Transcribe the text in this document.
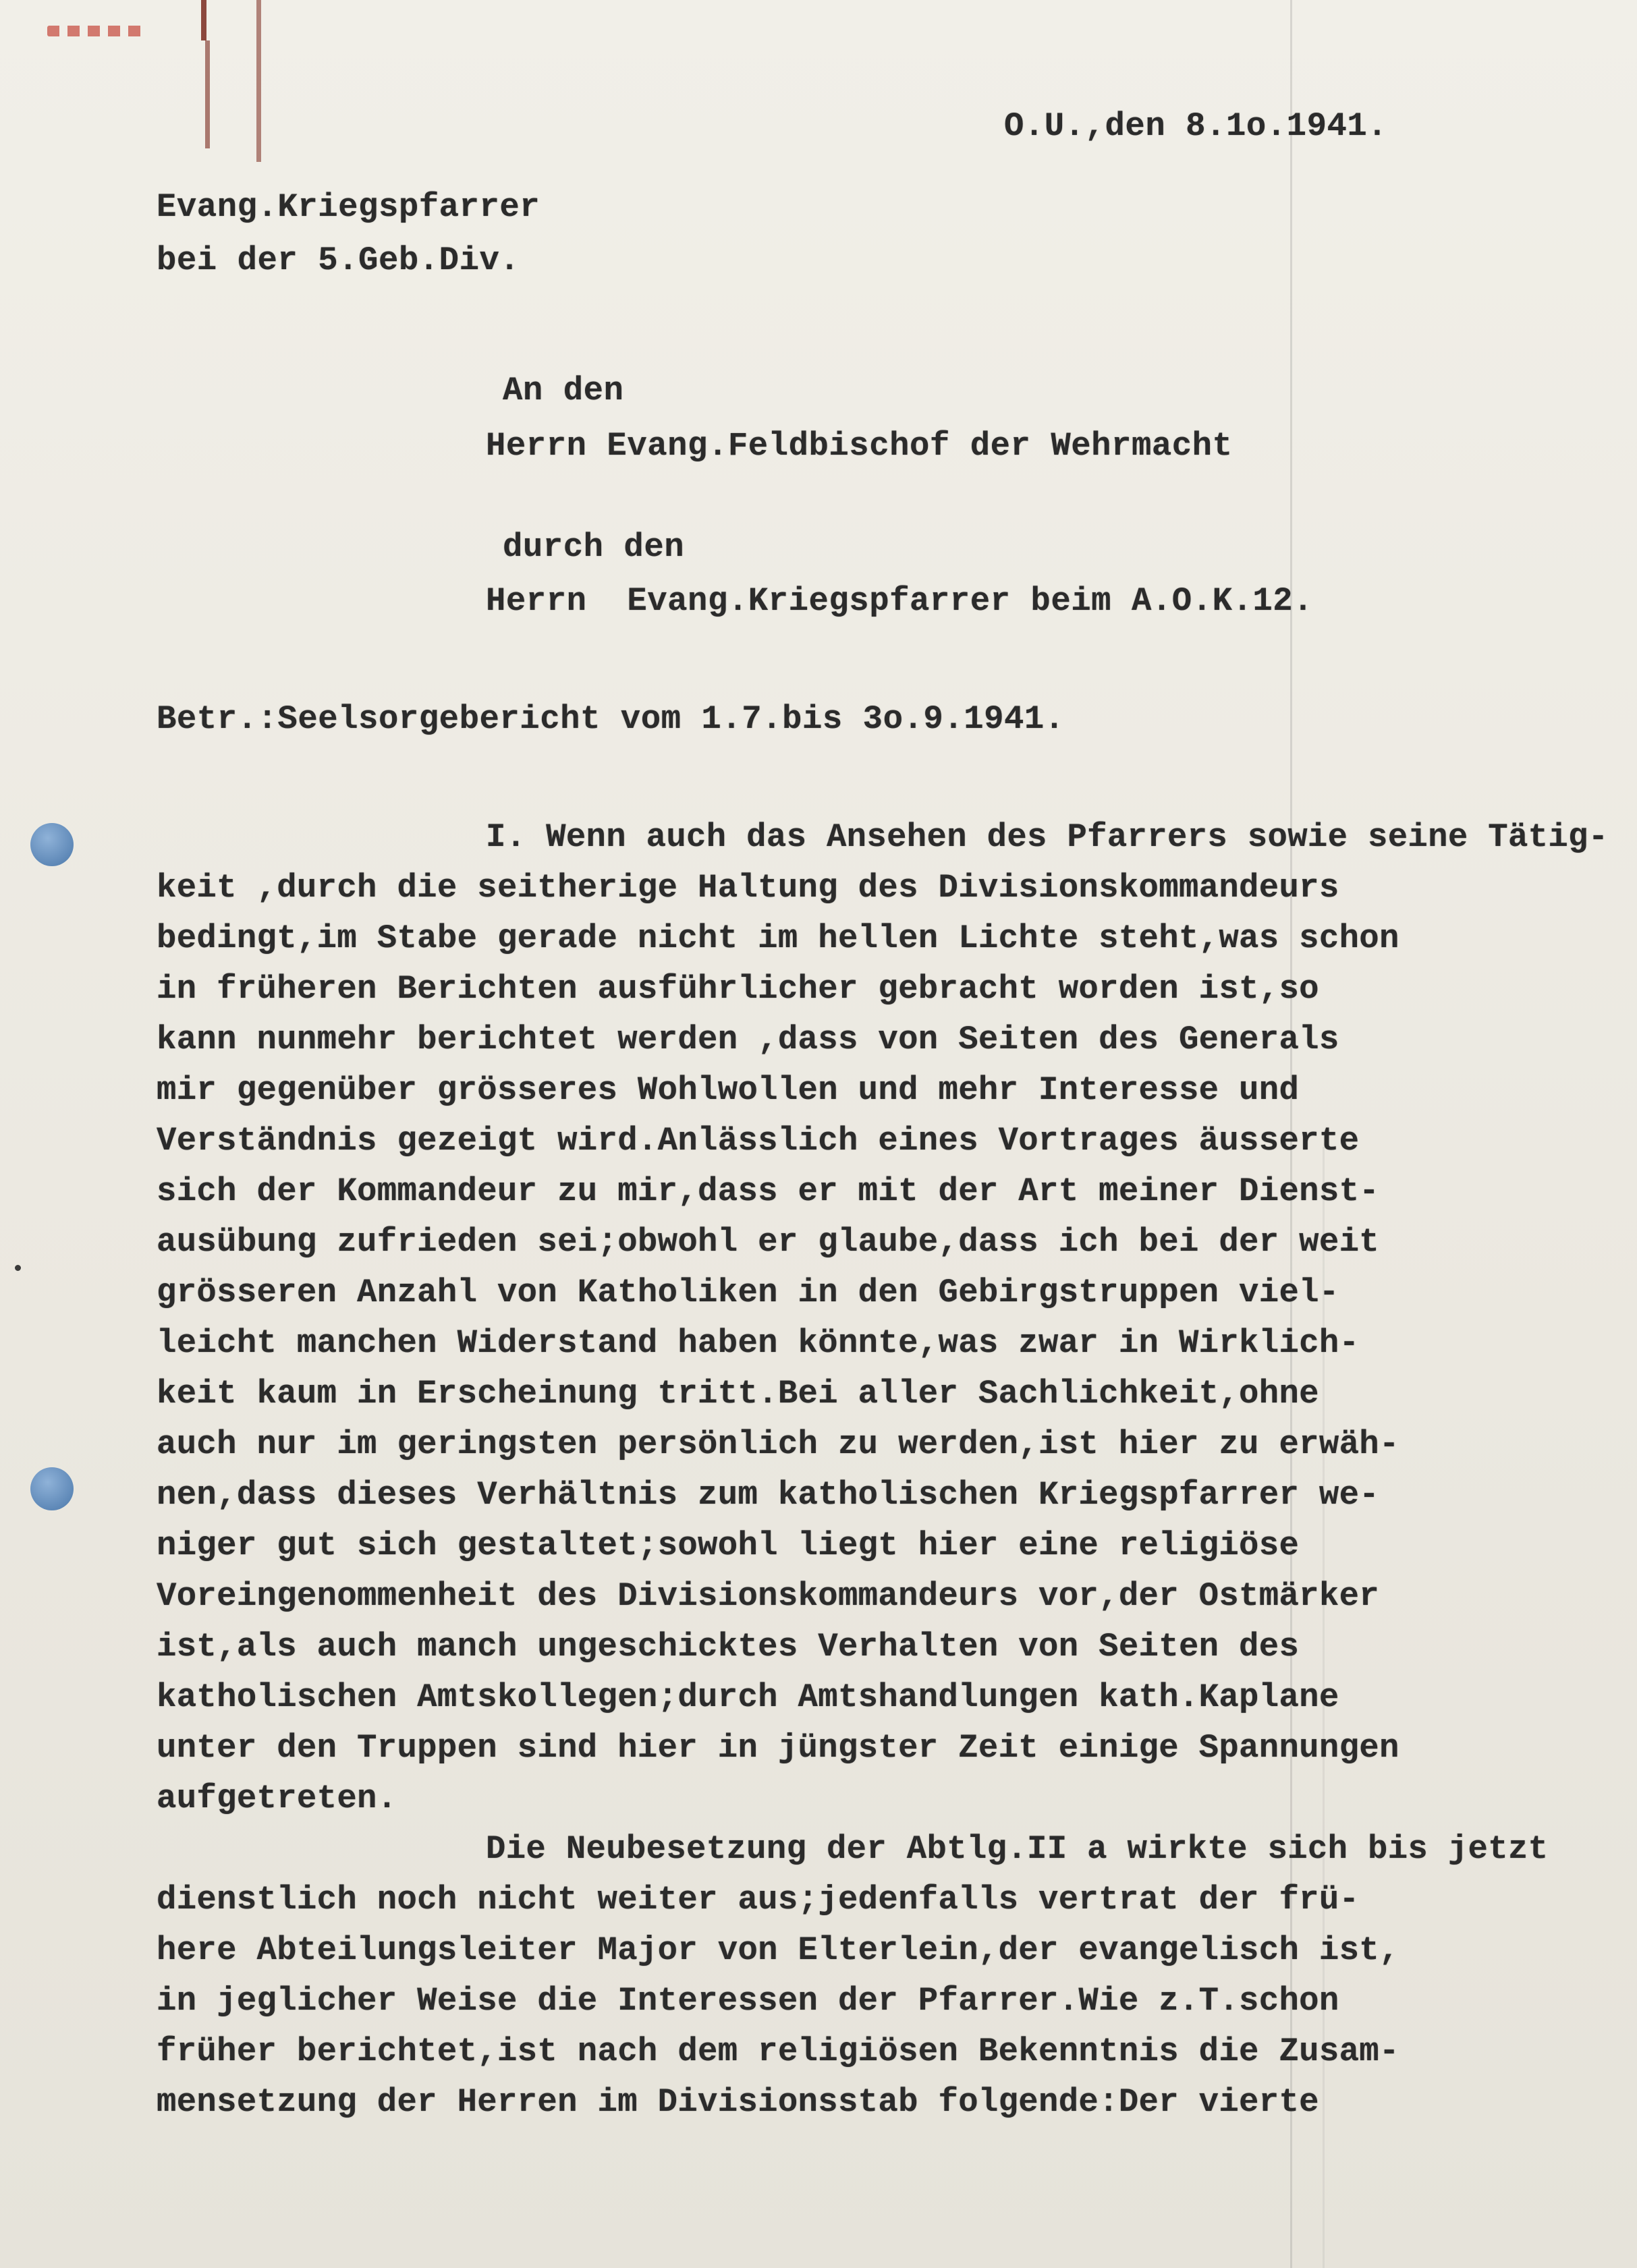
O.U.,den 8.1o.1941.
Evang.Kriegspfarrer
bei der 5.Geb.Div.
An den
Herrn Evang.Feldbischof der Wehrmacht
durch den
Herrn  Evang.Kriegspfarrer beim A.O.K.12.
Betr.:Seelsorgebericht vom 1.7.bis 3o.9.1941.
I. Wenn auch das Ansehen des Pfarrers sowie seine Tätig-
keit ,durch die seitherige Haltung des Divisionskommandeurs
bedingt,im Stabe gerade nicht im hellen Lichte steht,was schon
in früheren Berichten ausführlicher gebracht worden ist,so
kann nunmehr berichtet werden ,dass von Seiten des Generals
mir gegenüber grösseres Wohlwollen und mehr Interesse und
Verständnis gezeigt wird.Anlässlich eines Vortrages äusserte
sich der Kommandeur zu mir,dass er mit der Art meiner Dienst-
ausübung zufrieden sei;obwohl er glaube,dass ich bei der weit
grösseren Anzahl von Katholiken in den Gebirgstruppen viel-
leicht manchen Widerstand haben könnte,was zwar in Wirklich-
keit kaum in Erscheinung tritt.Bei aller Sachlichkeit,ohne
auch nur im geringsten persönlich zu werden,ist hier zu erwäh-
nen,dass dieses Verhältnis zum katholischen Kriegspfarrer we-
niger gut sich gestaltet;sowohl liegt hier eine religiöse
Voreingenommenheit des Divisionskommandeurs vor,der Ostmärker
ist,als auch manch ungeschicktes Verhalten von Seiten des
katholischen Amtskollegen;durch Amtshandlungen kath.Kaplane
unter den Truppen sind hier in jüngster Zeit einige Spannungen
aufgetreten.
Die Neubesetzung der Abtlg.II a wirkte sich bis jetzt
dienstlich noch nicht weiter aus;jedenfalls vertrat der frü-
here Abteilungsleiter Major von Elterlein,der evangelisch ist,
in jeglicher Weise die Interessen der Pfarrer.Wie z.T.schon
früher berichtet,ist nach dem religiösen Bekenntnis die Zusam-
mensetzung der Herren im Divisionsstab folgende:Der vierte
